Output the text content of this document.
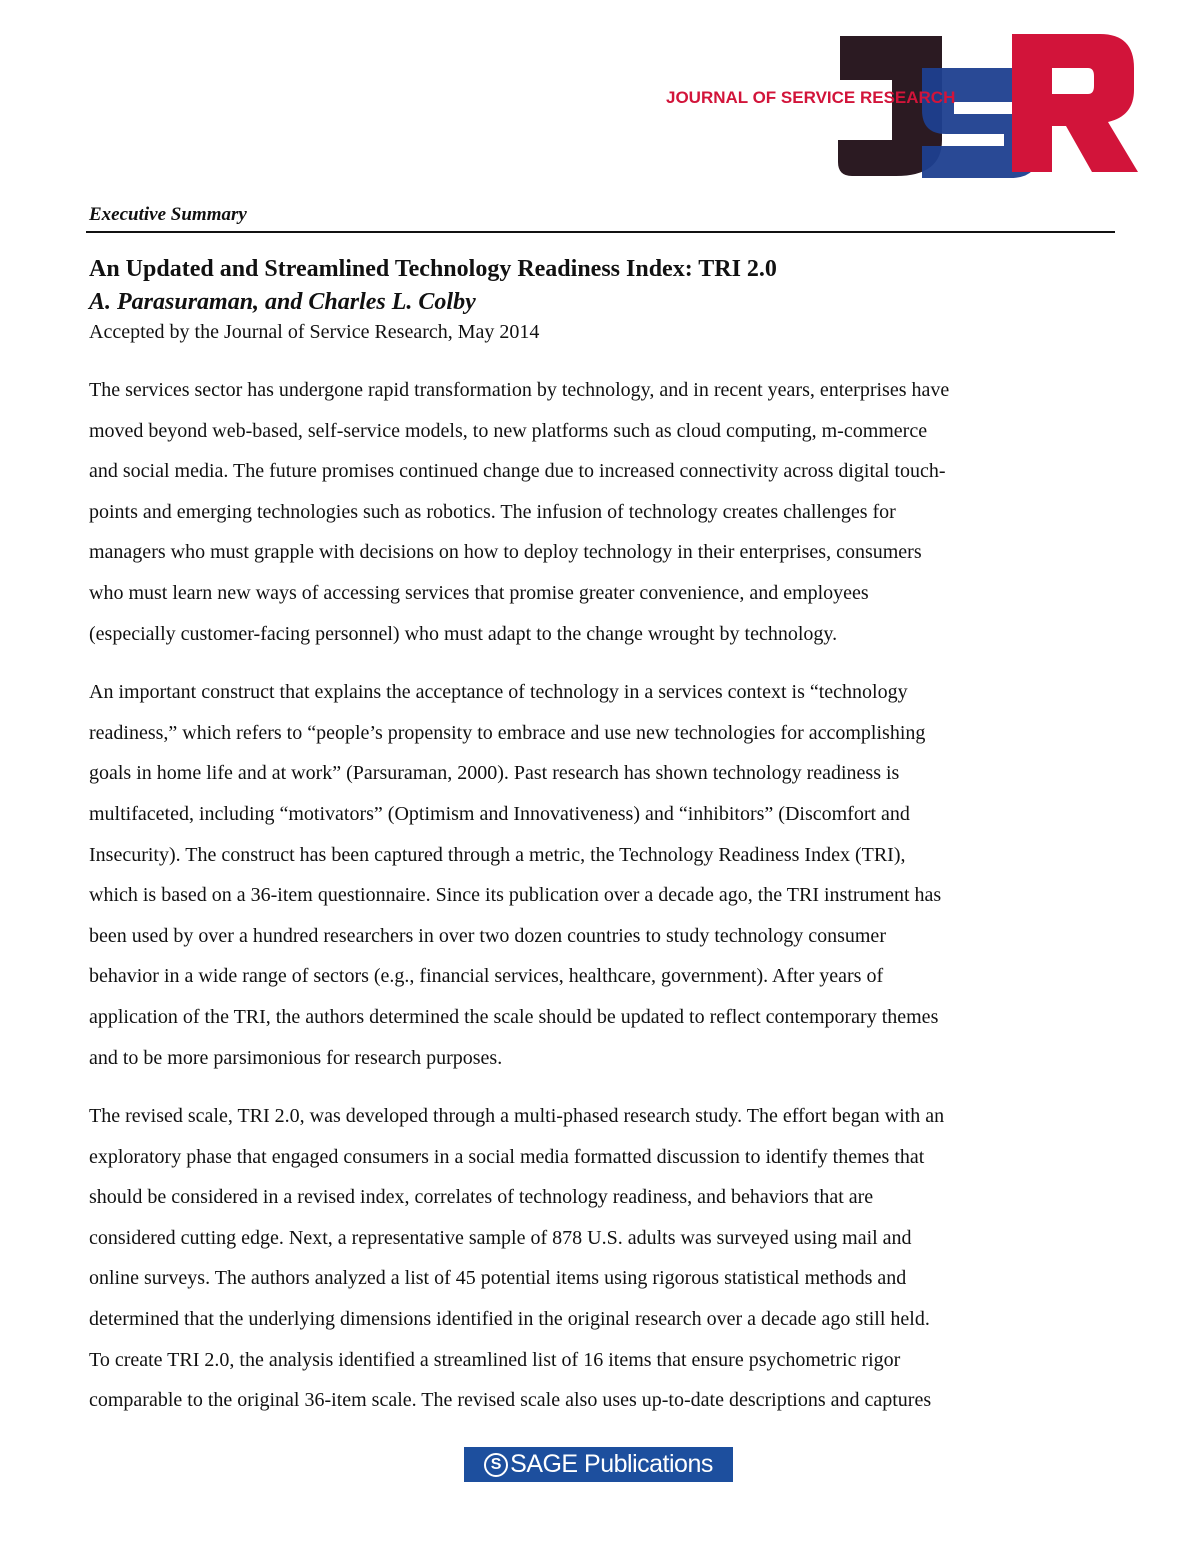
JOURNAL OF SERVICE RESEARCH
Executive Summary
An Updated and Streamlined Technology Readiness Index: TRI 2.0
A. Parasuraman, and Charles L. Colby
Accepted by the Journal of Service Research, May 2014

The services sector has undergone rapid transformation by technology, and in recent years, enterprises have
moved beyond web-based, self-service models, to new platforms such as cloud computing, m-commerce
and social media. The future promises continued change due to increased connectivity across digital touch-
points and emerging technologies such as robotics. The infusion of technology creates challenges for
managers who must grapple with decisions on how to deploy technology in their enterprises, consumers
who must learn new ways of accessing services that promise greater convenience, and employees
(especially customer-facing personnel) who must adapt to the change wrought by technology.

An important construct that explains the acceptance of technology in a services context is “technology
readiness,” which refers to “people’s propensity to embrace and use new technologies for accomplishing
goals in home life and at work” (Parsuraman, 2000). Past research has shown technology readiness is
multifaceted, including “motivators” (Optimism and Innovativeness) and “inhibitors” (Discomfort and
Insecurity). The construct has been captured through a metric, the Technology Readiness Index (TRI),
which is based on a 36-item questionnaire. Since its publication over a decade ago, the TRI instrument has
been used by over a hundred researchers in over two dozen countries to study technology consumer
behavior in a wide range of sectors (e.g., financial services, healthcare, government). After years of
application of the TRI, the authors determined the scale should be updated to reflect contemporary themes
and to be more parsimonious for research purposes.

The revised scale, TRI 2.0, was developed through a multi-phased research study. The effort began with an
exploratory phase that engaged consumers in a social media formatted discussion to identify themes that
should be considered in a revised index, correlates of technology readiness, and behaviors that are
considered cutting edge. Next, a representative sample of 878 U.S. adults was surveyed using mail and
online surveys. The authors analyzed a list of 45 potential items using rigorous statistical methods and
determined that the underlying dimensions identified in the original research over a decade ago still held.
To create TRI 2.0, the analysis identified a streamlined list of 16 items that ensure psychometric rigor
comparable to the original 36-item scale. The revised scale also uses up-to-date descriptions and captures

S SAGE Publications
